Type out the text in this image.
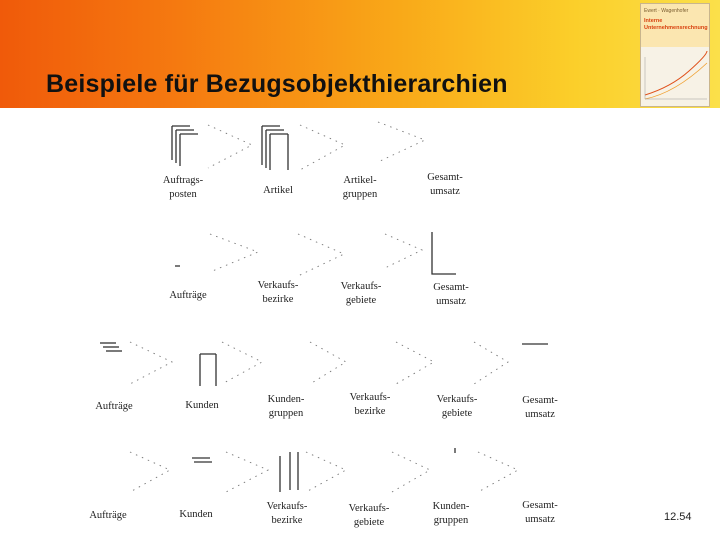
Beispiele für Bezugsobjekthierarchien
Ewert · Wagenhofer
Interne
Unternehmensrechnung
Auftrags-
posten	Artikel
Artikel-
gruppen
Gesamt-
umsatz
Aufträge
Verkaufs-
bezirke
Verkaufs-
gebiete
Gesamt-
umsatz
Aufträge	Kunden
Kunden-
gruppen
Verkaufs-
bezirke
Verkaufs-
gebiete
Gesamt-
umsatz
Aufträge	Kunden
Verkaufs-
bezirke
Verkaufs-
gebiete
Kunden-
gruppen
Gesamt-
umsatz	12.54
